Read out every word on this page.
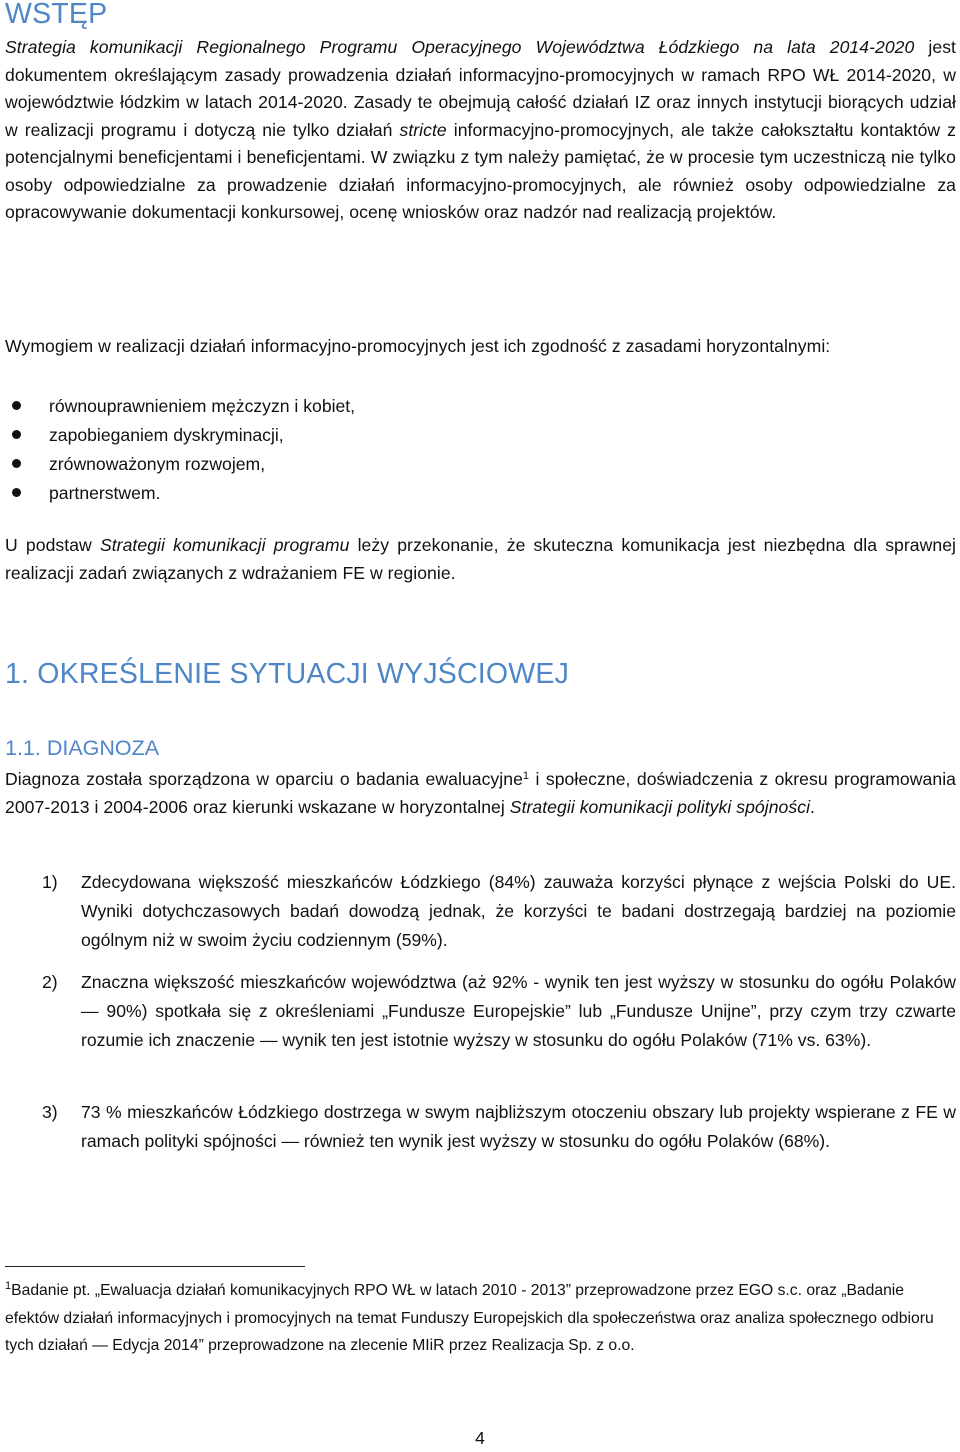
WSTĘP

Strategia komunikacji Regionalnego Programu Operacyjnego Województwa Łódzkiego na lata 2014-2020 jest dokumentem określającym zasady prowadzenia działań informacyjno-promocyjnych w ramach RPO WŁ 2014-2020, w województwie łódzkim w latach 2014-2020. Zasady te obejmują całość działań IZ oraz innych instytucji biorących udział w realizacji programu i dotyczą nie tylko działań stricte informacyjno-promocyjnych, ale także całokształtu kontaktów z potencjalnymi beneficjentami i beneficjentami. W związku z tym należy pamiętać, że w procesie tym uczestniczą nie tylko osoby odpowiedzialne za prowadzenie działań informacyjno-promocyjnych, ale również osoby odpowiedzialne za opracowywanie dokumentacji konkursowej, ocenę wniosków oraz nadzór nad realizacją projektów.

Wymogiem w realizacji działań informacyjno-promocyjnych jest ich zgodność z zasadami horyzontalnymi:

równouprawnieniem mężczyzn i kobiet,
zapobieganiem dyskryminacji,
zrównoważonym rozwojem,
partnerstwem.

U podstaw Strategii komunikacji programu leży przekonanie, że skuteczna komunikacja jest niezbędna dla sprawnej realizacji zadań związanych z wdrażaniem FE w regionie.

1. OKREŚLENIE SYTUACJI WYJŚCIOWEJ
1.1. DIAGNOZA

Diagnoza została sporządzona w oparciu o badania ewaluacyjne$^1$ i społeczne, doświadczenia z okresu programowania 2007-2013 i 2004-2006 oraz kierunki wskazane w horyzontalnej Strategii komunikacji polityki spójności.

1) Zdecydowana większość mieszkańców Łódzkiego (84%) zauważa korzyści płynące z wejścia Polski do UE. Wyniki dotychczasowych badań dowodzą jednak, że korzyści te badani dostrzegają bardziej na poziomie ogólnym niż w swoim życiu codziennym (59%).
2) Znaczna większość mieszkańców województwa (aż 92% - wynik ten jest wyższy w stosunku do ogółu Polaków — 90%) spotkała się z określeniami „Fundusze Europejskie” lub „Fundusze Unijne”, przy czym trzy czwarte rozumie ich znaczenie — wynik ten jest istotnie wyższy w stosunku do ogółu Polaków (71% vs. 63%).
3) 73 % mieszkańców Łódzkiego dostrzega w swym najbliższym otoczeniu obszary lub projekty wspierane z FE w ramach polityki spójności — również ten wynik jest wyższy w stosunku do ogółu Polaków (68%).

$^1$Badanie pt. „Ewaluacja działań komunikacyjnych RPO WŁ w latach 2010 - 2013” przeprowadzone przez EGO s.c. oraz „Badanie efektów działań informacyjnych i promocyjnych na temat Funduszy Europejskich dla społeczeństwa oraz analiza społecznego odbioru tych działań — Edycja 2014” przeprowadzone na zlecenie MIiR przez Realizacja Sp. z o.o.

4
